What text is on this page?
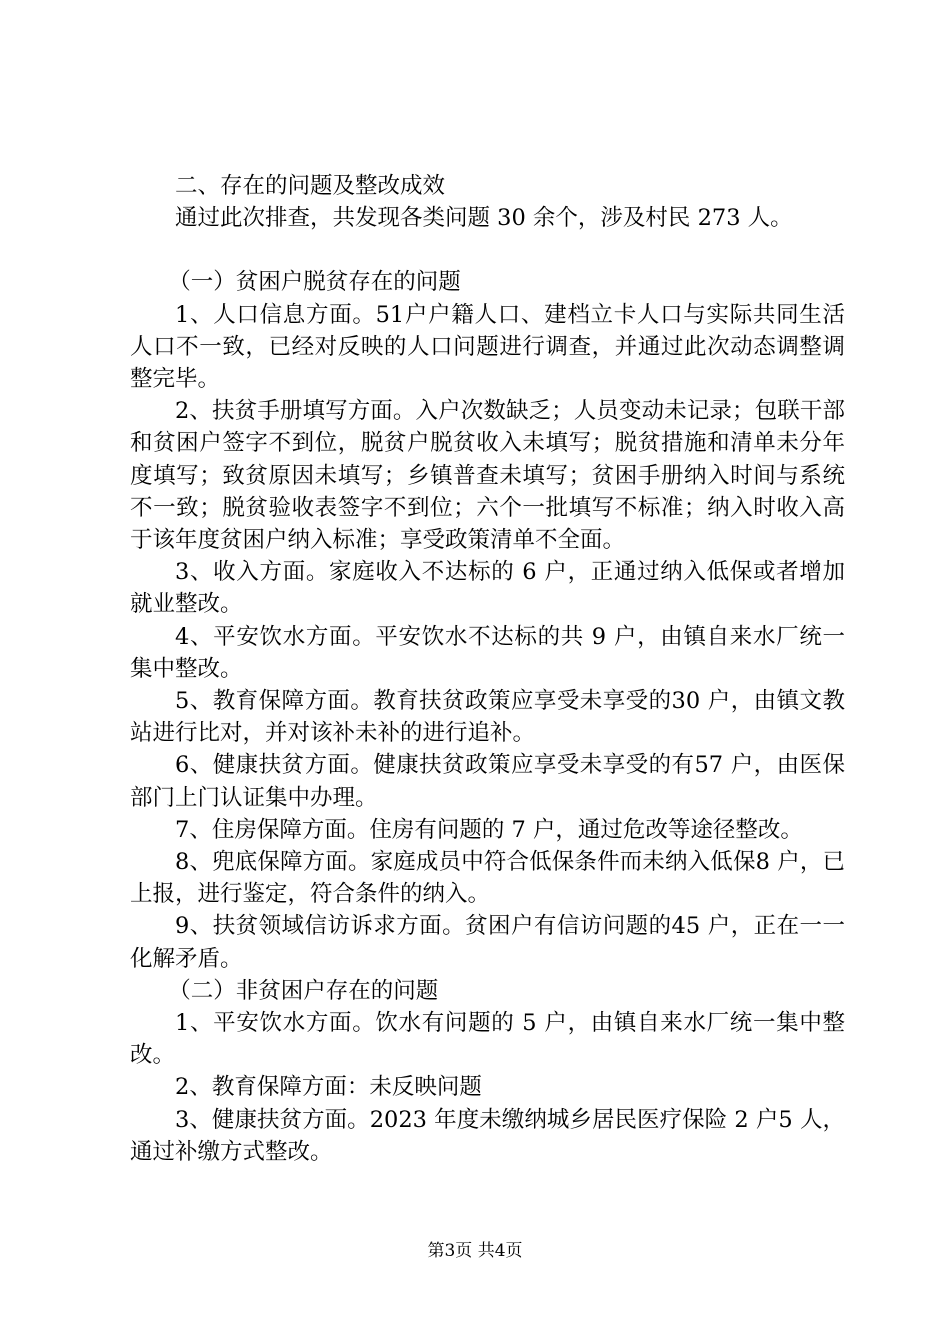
二、存在的问题及整改成效

通过此次排查，共发现各类问题 30 余个，涉及村民 273 人。

（一）贫困户脱贫存在的问题

1、人口信息方面。51户户籍人口、建档立卡人口与实际共同生活人口不一致，已经对反映的人口问题进行调查，并通过此次动态调整调整完毕。

2、扶贫手册填写方面。入户次数缺乏；人员变动未记录；包联干部和贫困户签字不到位，脱贫户脱贫收入未填写；脱贫措施和清单未分年度填写；致贫原因未填写；乡镇普查未填写；贫困手册纳入时间与系统不一致；脱贫验收表签字不到位；六个一批填写不标准；纳入时收入高于该年度贫困户纳入标准；享受政策清单不全面。

3、收入方面。家庭收入不达标的 6 户，正通过纳入低保或者增加就业整改。

4、平安饮水方面。平安饮水不达标的共 9 户，由镇自来水厂统一集中整改。

5、教育保障方面。教育扶贫政策应享受未享受的30 户，由镇文教站进行比对，并对该补未补的进行追补。

6、健康扶贫方面。健康扶贫政策应享受未享受的有57 户，由医保部门上门认证集中办理。

7、住房保障方面。住房有问题的 7 户，通过危改等途径整改。

8、兜底保障方面。家庭成员中符合低保条件而未纳入低保8 户，已上报，进行鉴定，符合条件的纳入。

9、扶贫领域信访诉求方面。贫困户有信访问题的45 户，正在一一化解矛盾。

（二）非贫困户存在的问题

1、平安饮水方面。饮水有问题的 5 户，由镇自来水厂统一集中整改。

2、教育保障方面：未反映问题

3、健康扶贫方面。2023 年度未缴纳城乡居民医疗保险 2 户5 人，通过补缴方式整改。

第3页 共4页
